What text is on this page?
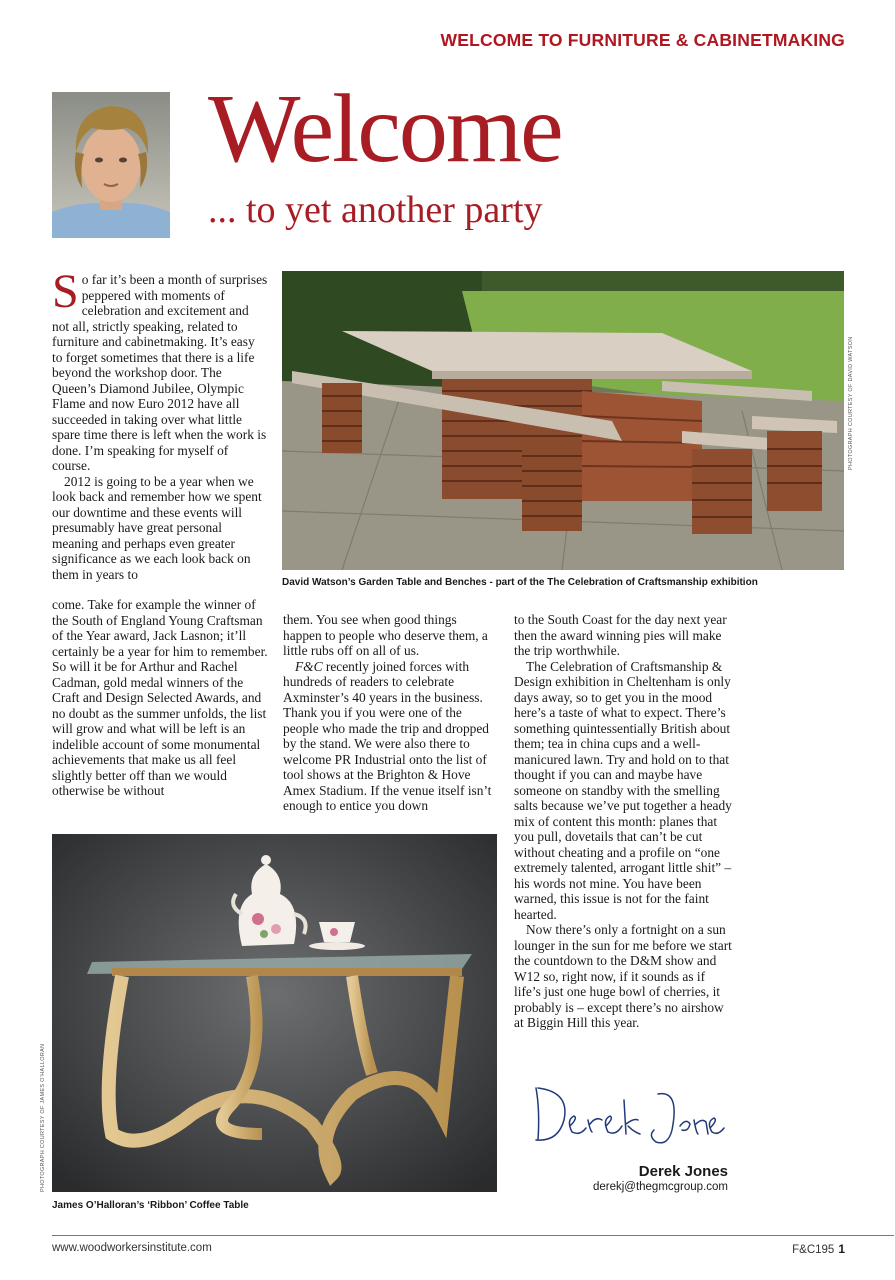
WELCOME TO FURNITURE & CABINETMAKING
Welcome
... to yet another party

So far it’s been a month of surprises peppered with moments of celebration and excitement and not all, strictly speaking, related to furniture and cabinetmaking. It’s easy to forget sometimes that there is a life beyond the workshop door. The Queen’s Diamond Jubilee, Olympic Flame and now Euro 2012 have all succeeded in taking over what little spare time there is left when the work is done. I’m speaking for myself of course.

2012 is going to be a year when we look back and remember how we spent our downtime and these events will presumably have great personal meaning and perhaps even greater significance as we each look back on them in years to

David Watson’s Garden Table and Benches - part of the The Celebration of Craftsmanship exhibition
PHOTOGRAPH COURTESY OF DAVID WATSON

come. Take for example the winner of the South of England Young Craftsman of the Year award, Jack Lasnon; it’ll certainly be a year for him to remember. So will it be for Arthur and Rachel Cadman, gold medal winners of the Craft and Design Selected Awards, and no doubt as the summer unfolds, the list will grow and what will be left is an indelible account of some monumental achievements that make us all feel slightly better off than we would otherwise be without

them. You see when good things happen to people who deserve them, a little rubs off on all of us.

F&C recently joined forces with hundreds of readers to celebrate Axminster’s 40 years in the business. Thank you if you were one of the people who made the trip and dropped by the stand. We were also there to welcome PR Industrial onto the list of tool shows at the Brighton & Hove Amex Stadium. If the venue itself isn’t enough to entice you down

to the South Coast for the day next year then the award winning pies will make the trip worthwhile.

The Celebration of Craftsmanship & Design exhibition in Cheltenham is only days away, so to get you in the mood here’s a taste of what to expect. There’s something quintessentially British about them; tea in china cups and a well-manicured lawn. Try and hold on to that thought if you can and maybe have someone on standby with the smelling salts because we’ve put together a heady mix of content this month: planes that you pull, dovetails that can’t be cut without cheating and a profile on “one extremely talented, arrogant little shit” – his words not mine. You have been warned, this issue is not for the faint hearted.

Now there’s only a fortnight on a sun lounger in the sun for me before we start the countdown to the D&M show and W12 so, right now, if it sounds as if life’s just one huge bowl of cherries, it probably is – except there’s no airshow at Biggin Hill this year.

James O’Halloran’s ‘Ribbon’ Coffee Table
PHOTOGRAPH COURTESY OF JAMES O’HALLORAN	Derek Jones
derekj@thegmcgroup.com
www.woodworkersinstitute.com	F&C195 1
